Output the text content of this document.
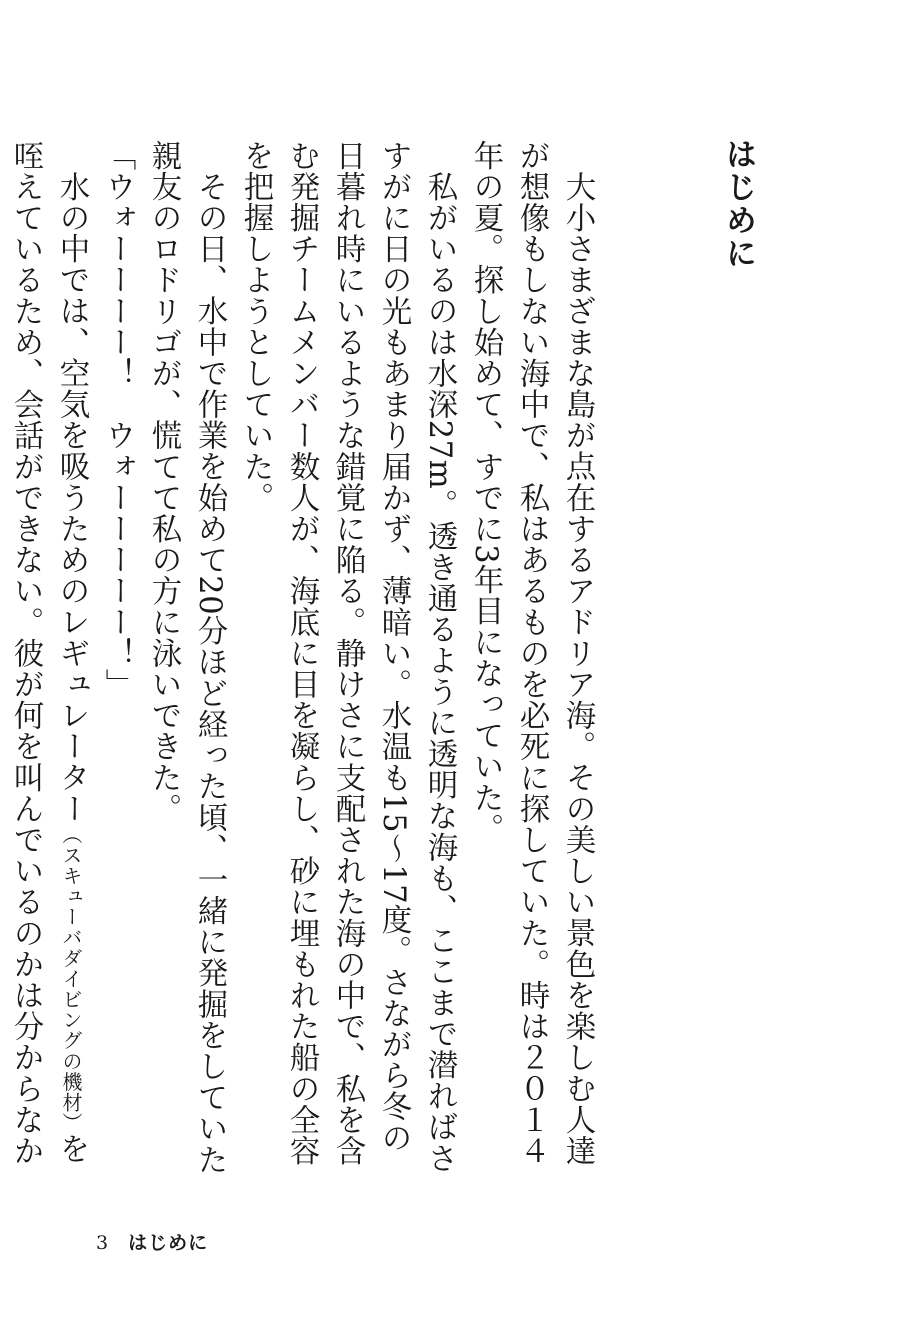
はじめに

大小さまざまな島が点在するアドリア海。その美しい景色を楽しむ人達が想像もしない海中で、私はあるものを必死に探していた。時は２０１４年の夏。探し始めて、すでに3年目になっていた。

私がいるのは水深27m。透き通るように透明な海も、ここまで潜ればさすがに日の光もあまり届かず、薄暗い。水温も15～17度。さながら冬の日暮れ時にいるような錯覚に陥る。静けさに支配された海の中で、私を含む発掘チームメンバー数人が、海底に目を凝らし、砂に埋もれた船の全容を把握しようとしていた。

その日、水中で作業を始めて20分ほど経った頃、一緒に発掘をしていた親友のロドリゴが、慌てて私の方に泳いできた。

「ウォーーーー！　ウォーーーーー！」

水の中では、空気を吸うためのレギュレーター（スキューバダイビングの機材）を咥えているため、会話ができない。彼が何を叫んでいるのかは分からなか

3 はじめに
